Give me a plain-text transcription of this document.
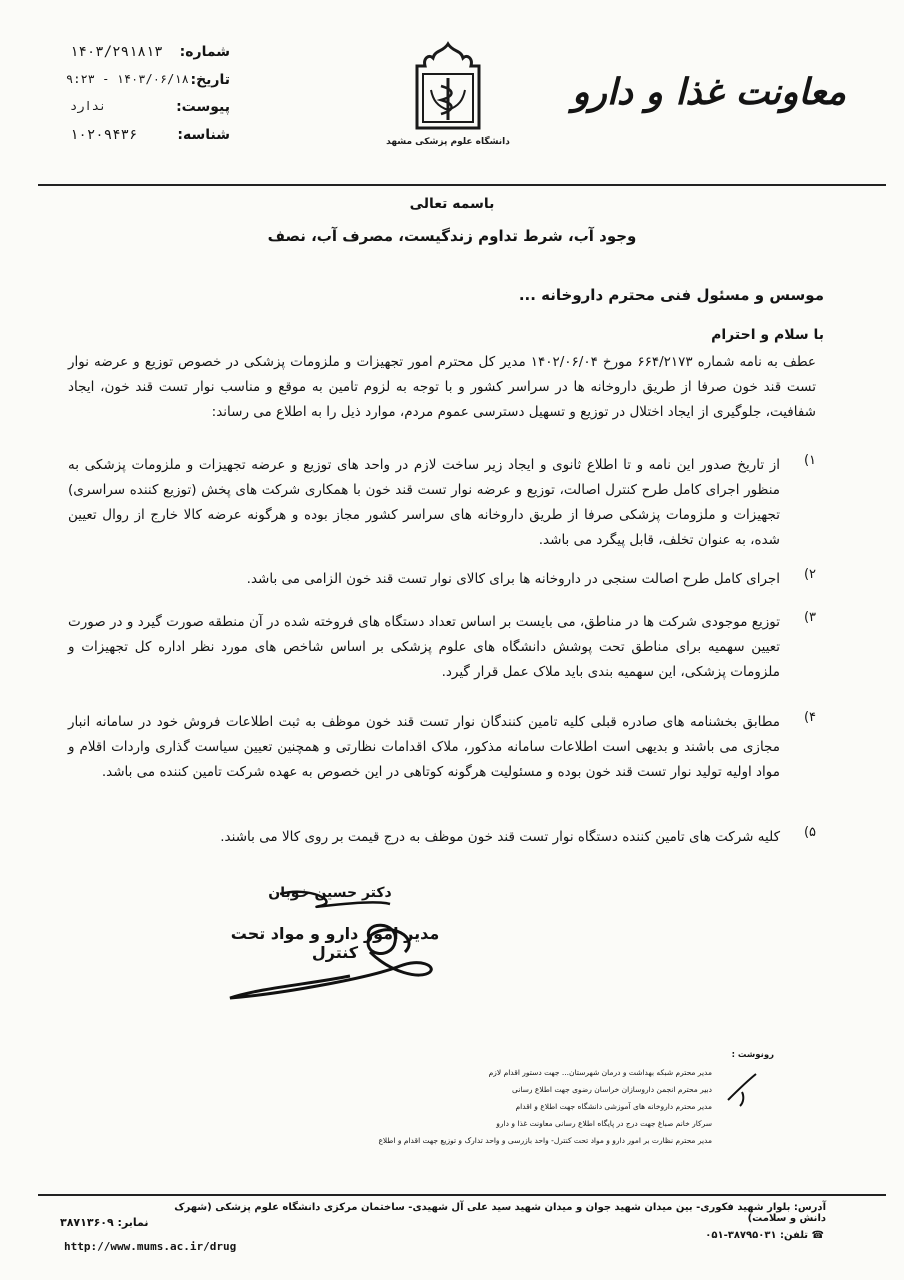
معاونت غذا و دارو
دانشگاه علوم پزشکی مشهد
شماره:
۱۴۰۳/۲۹۱۸۱۳
تاریخ:
۱۴۰۳/۰۶/۱۸ - ۹:۲۳
پیوست:
ندارد
شناسه:
۱۰۲۰۹۴۳۶
باسمه تعالی
وجود آب، شرط تداوم زندگیست، مصرف آب، نصف
موسس و مسئول فنی محترم داروخانه ...
با سلام و احترام
عطف به نامه شماره ۶۶۴/۲۱۷۳ مورخ ۱۴۰۲/۰۶/۰۴ مدیر کل محترم امور تجهیزات و ملزومات پزشکی در خصوص توزیع و عرضه نوار تست قند خون صرفا از طریق داروخانه ها در سراسر کشور و با توجه به لزوم تامین به موقع و مناسب نوار تست قند خون، ایجاد شفافیت، جلوگیری از ایجاد اختلال در توزیع و تسهیل دسترسی عموم مردم، موارد ذیل را به اطلاع می رساند:
۱)
از تاریخ صدور این نامه و تا اطلاع ثانوی و ایجاد زیر ساخت لازم در واحد های توزیع و عرضه تجهیزات و ملزومات پزشکی به منظور اجرای کامل طرح کنترل اصالت، توزیع و عرضه نوار تست قند خون با همکاری شرکت های پخش (توزیع کننده سراسری) تجهیزات و ملزومات پزشکی صرفا از طریق داروخانه های سراسر کشور مجاز بوده و هرگونه عرضه کالا خارج از روال تعیین شده، به عنوان تخلف، قابل پیگرد می باشد.
۲)
اجرای کامل طرح اصالت سنجی در داروخانه ها برای کالای نوار تست قند خون الزامی می باشد.
۳)
توزیع موجودی شرکت ها در مناطق، می بایست بر اساس تعداد دستگاه های فروخته شده در آن منطقه صورت گیرد و در صورت تعیین سهمیه برای مناطق تحت پوشش دانشگاه های علوم پزشکی بر اساس شاخص های مورد نظر اداره کل تجهیزات و ملزومات پزشکی، این سهمیه بندی باید ملاک عمل قرار گیرد.
۴)
مطابق بخشنامه های صادره قبلی کلیه تامین کنندگان نوار تست قند خون موظف به ثبت اطلاعات فروش خود در سامانه انبار مجازی می باشند و بدیهی است اطلاعات سامانه مذکور، ملاک اقدامات نظارتی و همچنین تعیین سیاست گذاری واردات اقلام و مواد اولیه تولید نوار تست قند خون بوده و مسئولیت هرگونه کوتاهی در این خصوص به عهده شرکت تامین کننده می باشد.
۵)
کلیه شرکت های تامین کننده دستگاه نوار تست قند خون موظف به درج قیمت بر روی کالا می باشند.
دکتر حسین خوبان
مدیر امور دارو و مواد تحت کنترل
رونوشت :
مدیر محترم شبکه بهداشت و درمان شهرستان... جهت دستور اقدام لازم
دبیر محترم انجمن داروسازان خراسان رضوی جهت اطلاع رسانی
مدیر محترم داروخانه های آموزشی دانشگاه جهت اطلاع و اقدام
سرکار خانم صباغ جهت درج در پایگاه اطلاع رسانی معاونت غذا و دارو
مدیر محترم نظارت بر امور دارو و مواد تحت کنترل- واحد بازرسی و واحد تدارک و توزیع جهت اقدام و اطلاع
آدرس: بلوار شهید فکوری- بین میدان شهید جوان و میدان شهید سید علی آل شهیدی- ساختمان مرکزی دانشگاه علوم پزشکی (شهرک دانش و سلامت)
☎ تلفن: ۳۸۷۹۵۰۳۱-۰۵۱
نمابر: ۳۸۷۱۳۶۰۹
http://www.mums.ac.ir/drug
